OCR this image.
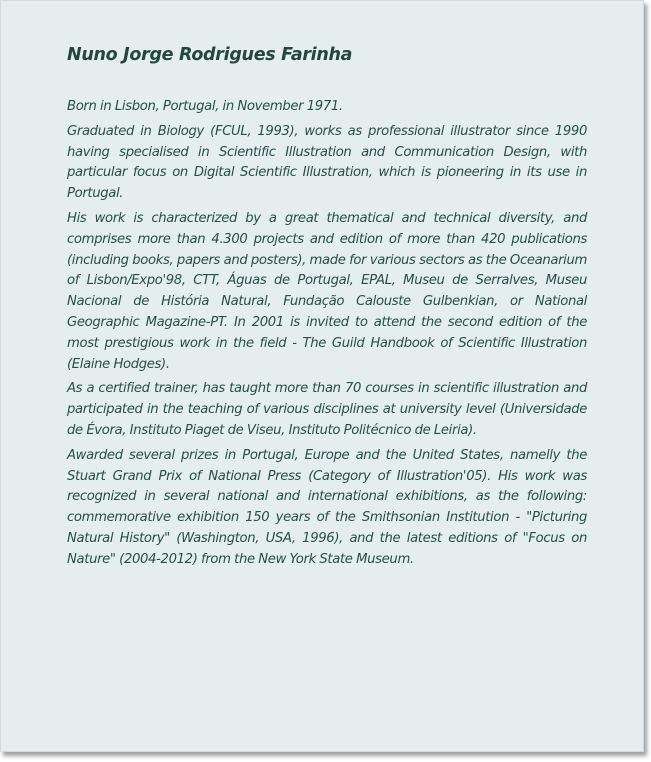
Nuno Jorge Rodrigues Farinha

Born in Lisbon, Portugal, in November 1971.

Graduated in Biology (FCUL, 1993), works as professional illustrator since 1990 having specialised in Scientific Illustration and Communication Design, with particular focus on Digital Scientific Illustration, which is pioneering in its use in Portugal.

His work is characterized by a great thematical and technical diversity, and comprises more than 4.300 projects and edition of more than 420 publications (including books, papers and posters), made for various sectors as the Oceanarium of Lisbon/Expo'98, CTT, Águas de Portugal, EPAL, Museu de Serralves, Museu Nacional de História Natural, Fundação Calouste Gulbenkian, or National Geographic Magazine-PT. In 2001 is invited to attend the second edition of the most prestigious work in the field - The Guild Handbook of Scientific Illustration (Elaine Hodges).

As a certified trainer, has taught more than 70 courses in scientific illustration and participated in the teaching of various disciplines at university level (Universidade de Évora, Instituto Piaget de Viseu, Instituto Politécnico de Leiria).

Awarded several prizes in Portugal, Europe and the United States, namelly the Stuart Grand Prix of National Press (Category of Illustration'05). His work was recognized in several national and international exhibitions, as the following: commemorative exhibition 150 years of the Smithsonian Institution - "Picturing Natural History" (Washington, USA, 1996), and the latest editions of "Focus on Nature" (2004-2012) from the New York State Museum.
